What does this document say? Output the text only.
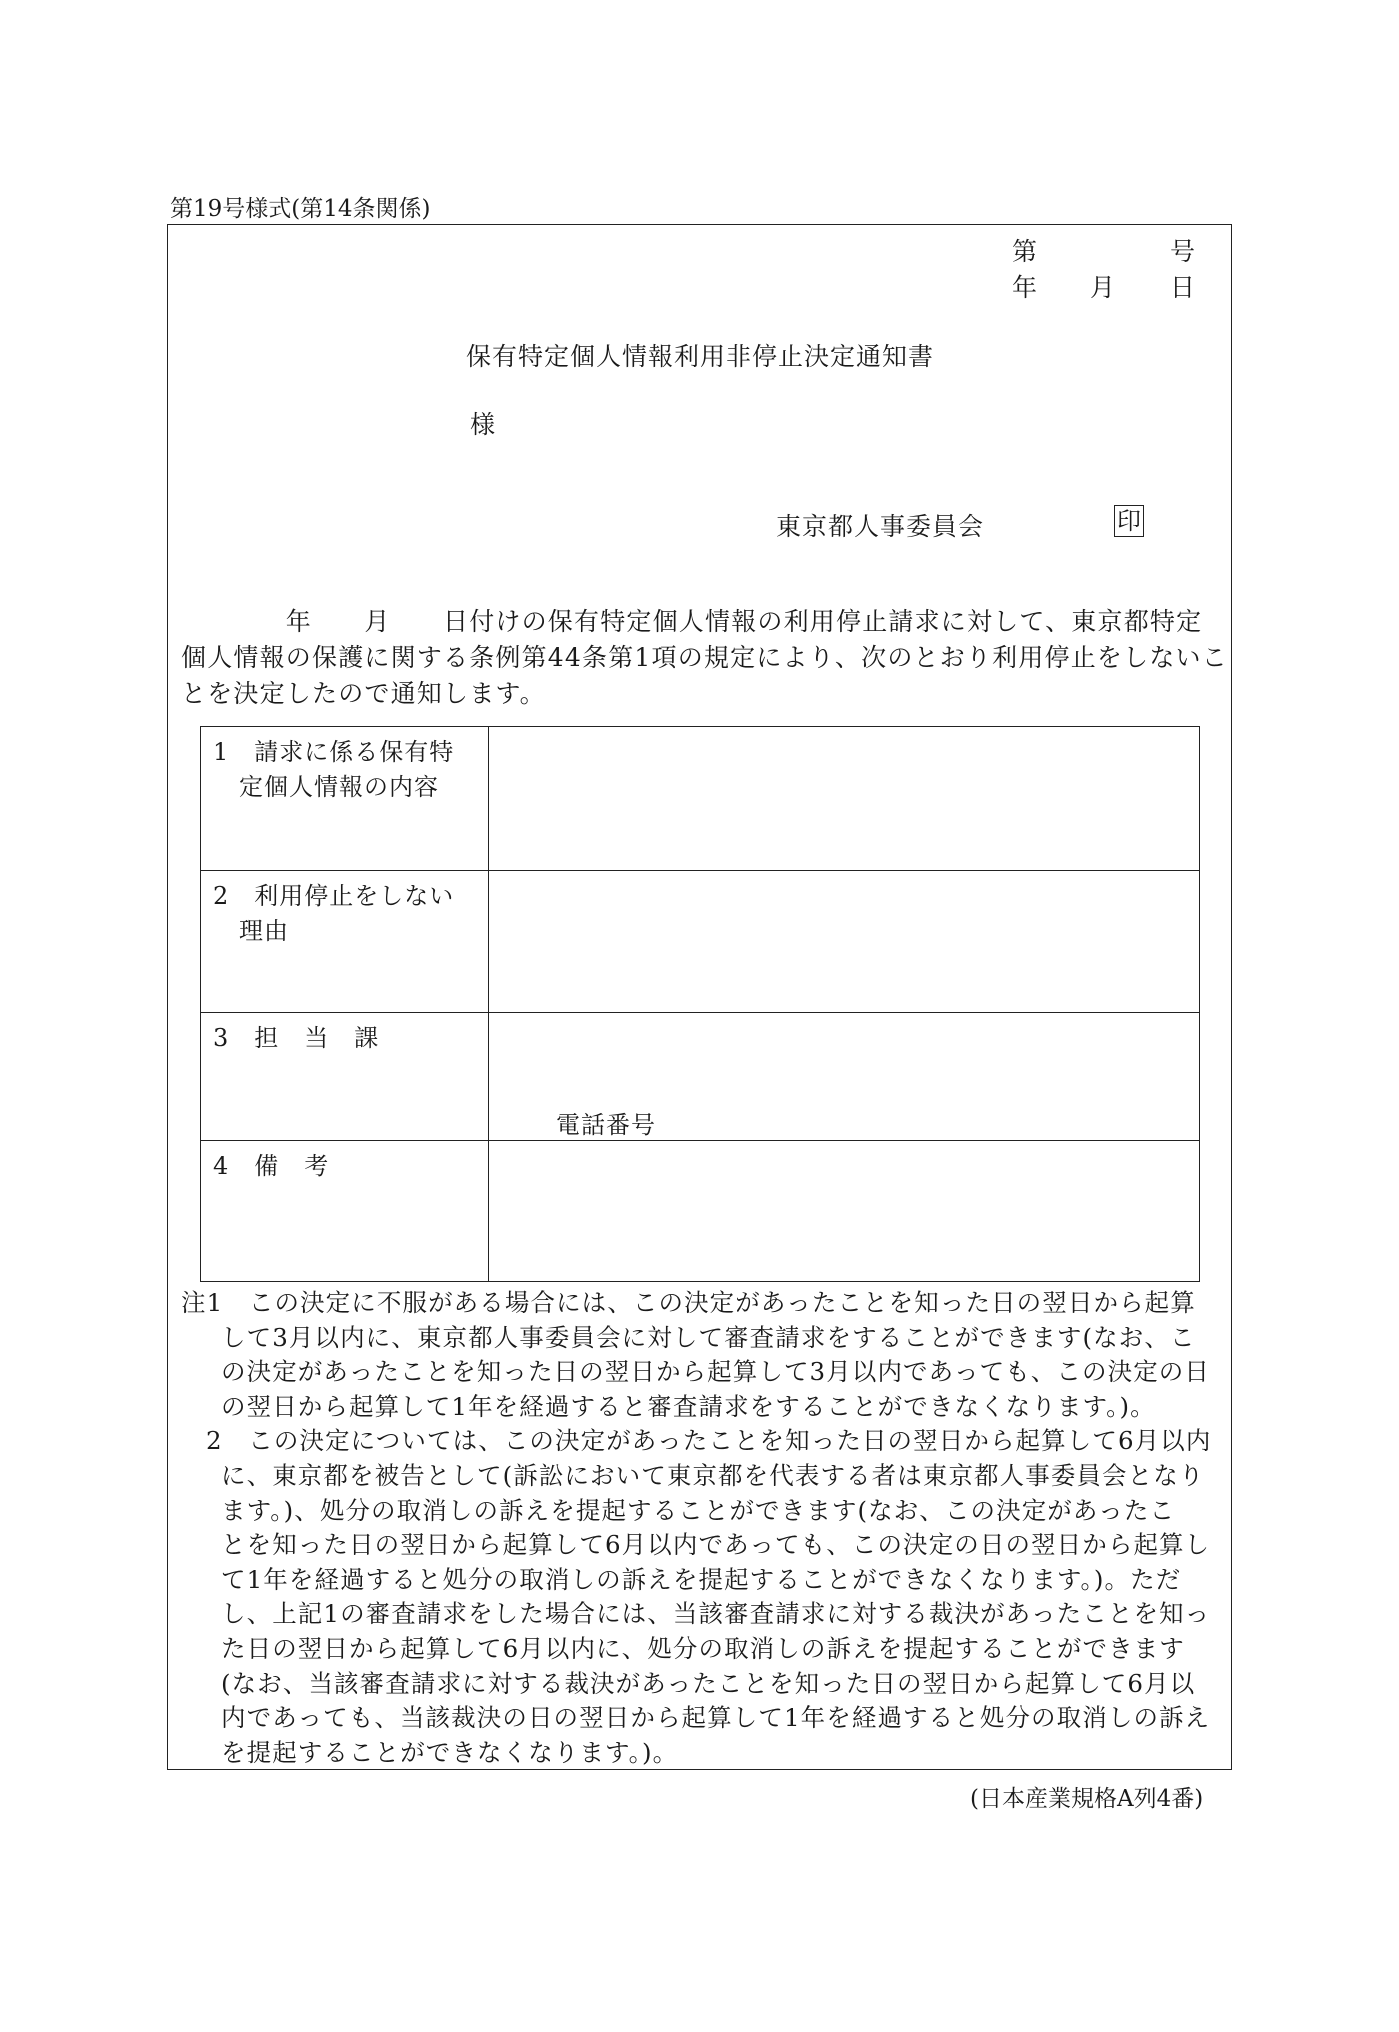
第19号様式(第14条関係)
第	号
年 月 日
保有特定個人情報利用非停止決定通知書
様
東京都人事委員会	印
　　　　年　　月　　日付けの保有特定個人情報の利用停止請求に対して、東京都特定
個人情報の保護に関する条例第44条第1項の規定により、次のとおり利用停止をしないこ
とを決定したので通知します。
1　請求に係る保有特
定個人情報の内容
2　利用停止をしない
理由
3　担　当　課
電話番号
4　備　考
注1　この決定に不服がある場合には、この決定があったことを知った日の翌日から起算
して3月以内に、東京都人事委員会に対して審査請求をすることができます(なお、こ
の決定があったことを知った日の翌日から起算して3月以内であっても、この決定の日
の翌日から起算して1年を経過すると審査請求をすることができなくなります。)。
2　この決定については、この決定があったことを知った日の翌日から起算して6月以内
に、東京都を被告として(訴訟において東京都を代表する者は東京都人事委員会となり
ます。)、処分の取消しの訴えを提起することができます(なお、この決定があったこ
とを知った日の翌日から起算して6月以内であっても、この決定の日の翌日から起算し
て1年を経過すると処分の取消しの訴えを提起することができなくなります。)。ただ
し、上記1の審査請求をした場合には、当該審査請求に対する裁決があったことを知っ
た日の翌日から起算して6月以内に、処分の取消しの訴えを提起することができます
(なお、当該審査請求に対する裁決があったことを知った日の翌日から起算して6月以
内であっても、当該裁決の日の翌日から起算して1年を経過すると処分の取消しの訴え
を提起することができなくなります。)。
(日本産業規格A列4番)
